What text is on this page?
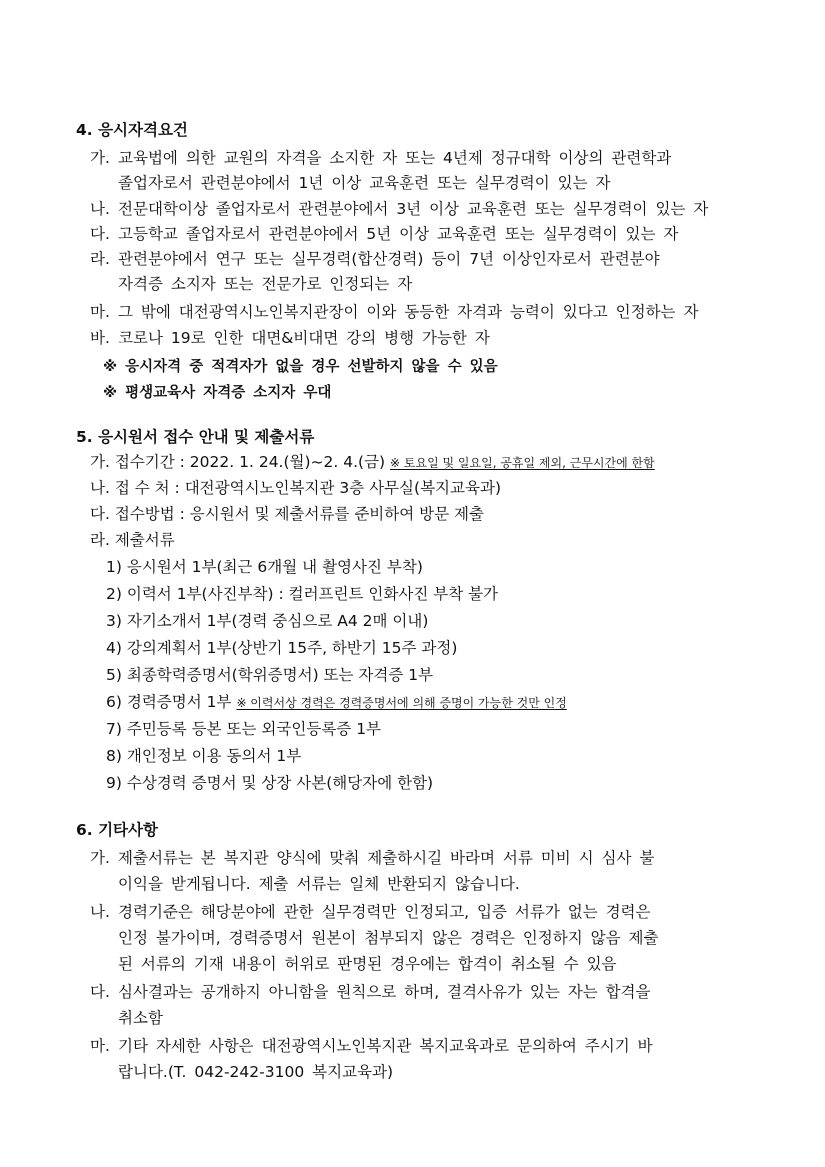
4. 응시자격요건
가. 교육법에 의한 교원의 자격을 소지한 자 또는 4년제 정규대학 이상의 관련학과
졸업자로서 관련분야에서 1년 이상 교육훈련 또는 실무경력이 있는 자
나. 전문대학이상 졸업자로서 관련분야에서 3년 이상 교육훈련 또는 실무경력이 있는 자
다. 고등학교 졸업자로서 관련분야에서 5년 이상 교육훈련 또는 실무경력이 있는 자
라. 관련분야에서 연구 또는 실무경력(합산경력) 등이 7년 이상인자로서 관련분야
자격증 소지자 또는 전문가로 인정되는 자
마. 그 밖에 대전광역시노인복지관장이 이와 동등한 자격과 능력이 있다고 인정하는 자
바. 코로나 19로 인한 대면&비대면 강의 병행 가능한 자
※ 응시자격 중 적격자가 없을 경우 선발하지 않을 수 있음
※ 평생교육사 자격증 소지자 우대
5. 응시원서 접수 안내 및 제출서류
가. 접수기간 : 2022. 1. 24.(월)~2. 4.(금) ※ 토요일 및 일요일, 공휴일 제외, 근무시간에 한함
나. 접 수 처 : 대전광역시노인복지관 3층 사무실(복지교육과)
다. 접수방법 : 응시원서 및 제출서류를 준비하여 방문 제출
라. 제출서류
1) 응시원서 1부(최근 6개월 내 촬영사진 부착)
2) 이력서 1부(사진부착) : 컬러프린트 인화사진 부착 불가
3) 자기소개서 1부(경력 중심으로 A4 2매 이내)
4) 강의계획서 1부(상반기 15주, 하반기 15주 과정)
5) 최종학력증명서(학위증명서) 또는 자격증 1부
6) 경력증명서 1부 ※ 이력서상 경력은 경력증명서에 의해 증명이 가능한 것만 인정
7) 주민등록 등본 또는 외국인등록증 1부
8) 개인정보 이용 동의서 1부
9) 수상경력 증명서 및 상장 사본(해당자에 한함)
6. 기타사항
가. 제출서류는 본 복지관 양식에 맞춰 제출하시길 바라며 서류 미비 시 심사 불
이익을 받게됩니다. 제출 서류는 일체 반환되지 않습니다.
나. 경력기준은 해당분야에 관한 실무경력만 인정되고, 입증 서류가 없는 경력은
인정 불가이며, 경력증명서 원본이 첨부되지 않은 경력은 인정하지 않음 제출
된 서류의 기재 내용이 허위로 판명된 경우에는 합격이 취소될 수 있음
다. 심사결과는 공개하지 아니함을 원칙으로 하며, 결격사유가 있는 자는 합격을
취소함
마. 기타 자세한 사항은 대전광역시노인복지관 복지교육과로 문의하여 주시기 바
랍니다.(T. 042-242-3100 복지교육과)
